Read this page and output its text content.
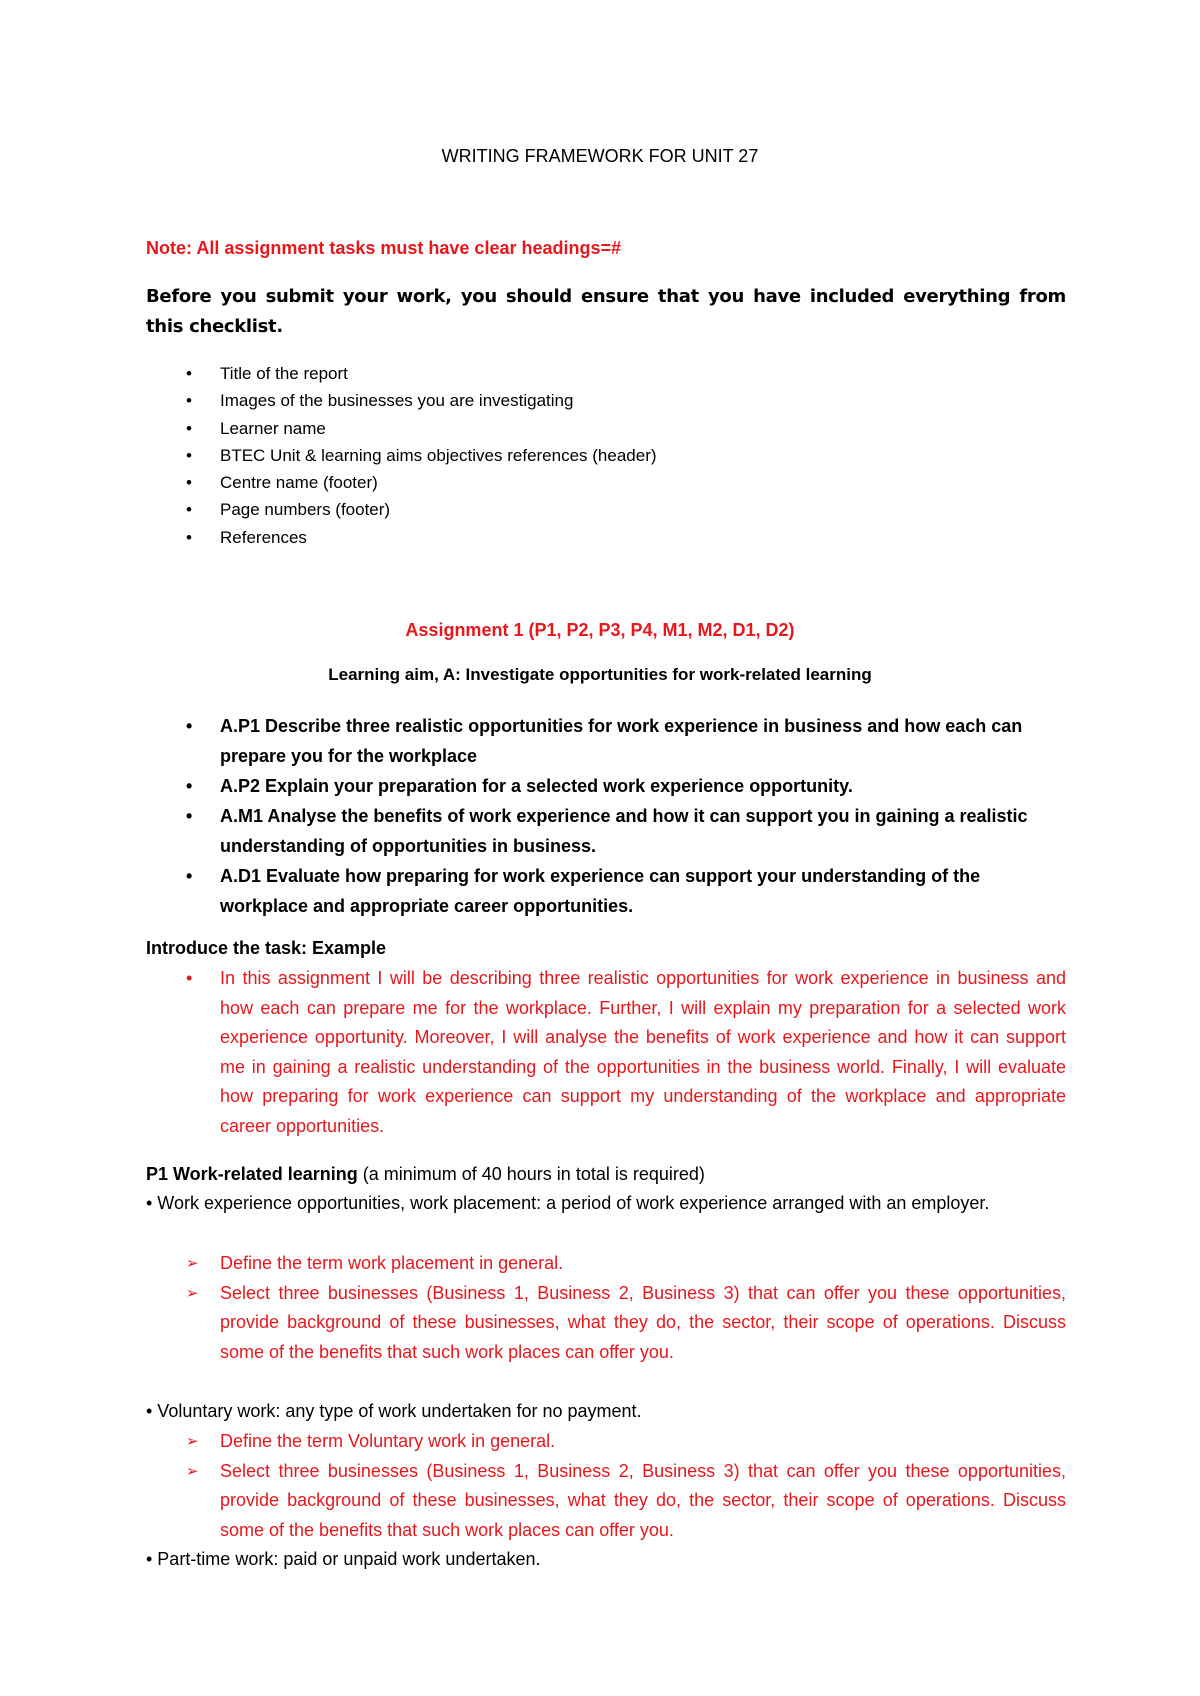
WRITING FRAMEWORK FOR UNIT 27
Note: All assignment tasks must have clear headings=#
Before you submit your work, you should ensure that you have included everything from this checklist.
• Title of the report
• Images of the businesses you are investigating
• Learner name
• BTEC Unit & learning aims objectives references (header)
• Centre name (footer)
• Page numbers (footer)
• References
Assignment 1 (P1, P2, P3, P4, M1, M2, D1, D2)
Learning aim, A: Investigate opportunities for work-related learning
• A.P1 Describe three realistic opportunities for work experience in business and how each can prepare you for the workplace
• A.P2 Explain your preparation for a selected work experience opportunity.
• A.M1 Analyse the benefits of work experience and how it can support you in gaining a realistic understanding of opportunities in business.
• A.D1 Evaluate how preparing for work experience can support your understanding of the workplace and appropriate career opportunities.
Introduce the task: Example
• In this assignment I will be describing three realistic opportunities for work experience in business and how each can prepare me for the workplace. Further, I will explain my preparation for a selected work experience opportunity. Moreover, I will analyse the benefits of work experience and how it can support me in gaining a realistic understanding of the opportunities in the business world. Finally, I will evaluate how preparing for work experience can support my understanding of the workplace and appropriate career opportunities.
P1 Work-related learning (a minimum of 40 hours in total is required)
• Work experience opportunities, work placement: a period of work experience arranged with an employer.
➢ Define the term work placement in general.
➢ Select three businesses (Business 1, Business 2, Business 3) that can offer you these opportunities, provide background of these businesses, what they do, the sector, their scope of operations. Discuss some of the benefits that such work places can offer you.
• Voluntary work: any type of work undertaken for no payment.
➢ Define the term Voluntary work in general.
➢ Select three businesses (Business 1, Business 2, Business 3) that can offer you these opportunities, provide background of these businesses, what they do, the sector, their scope of operations. Discuss some of the benefits that such work places can offer you.
• Part-time work: paid or unpaid work undertaken.
